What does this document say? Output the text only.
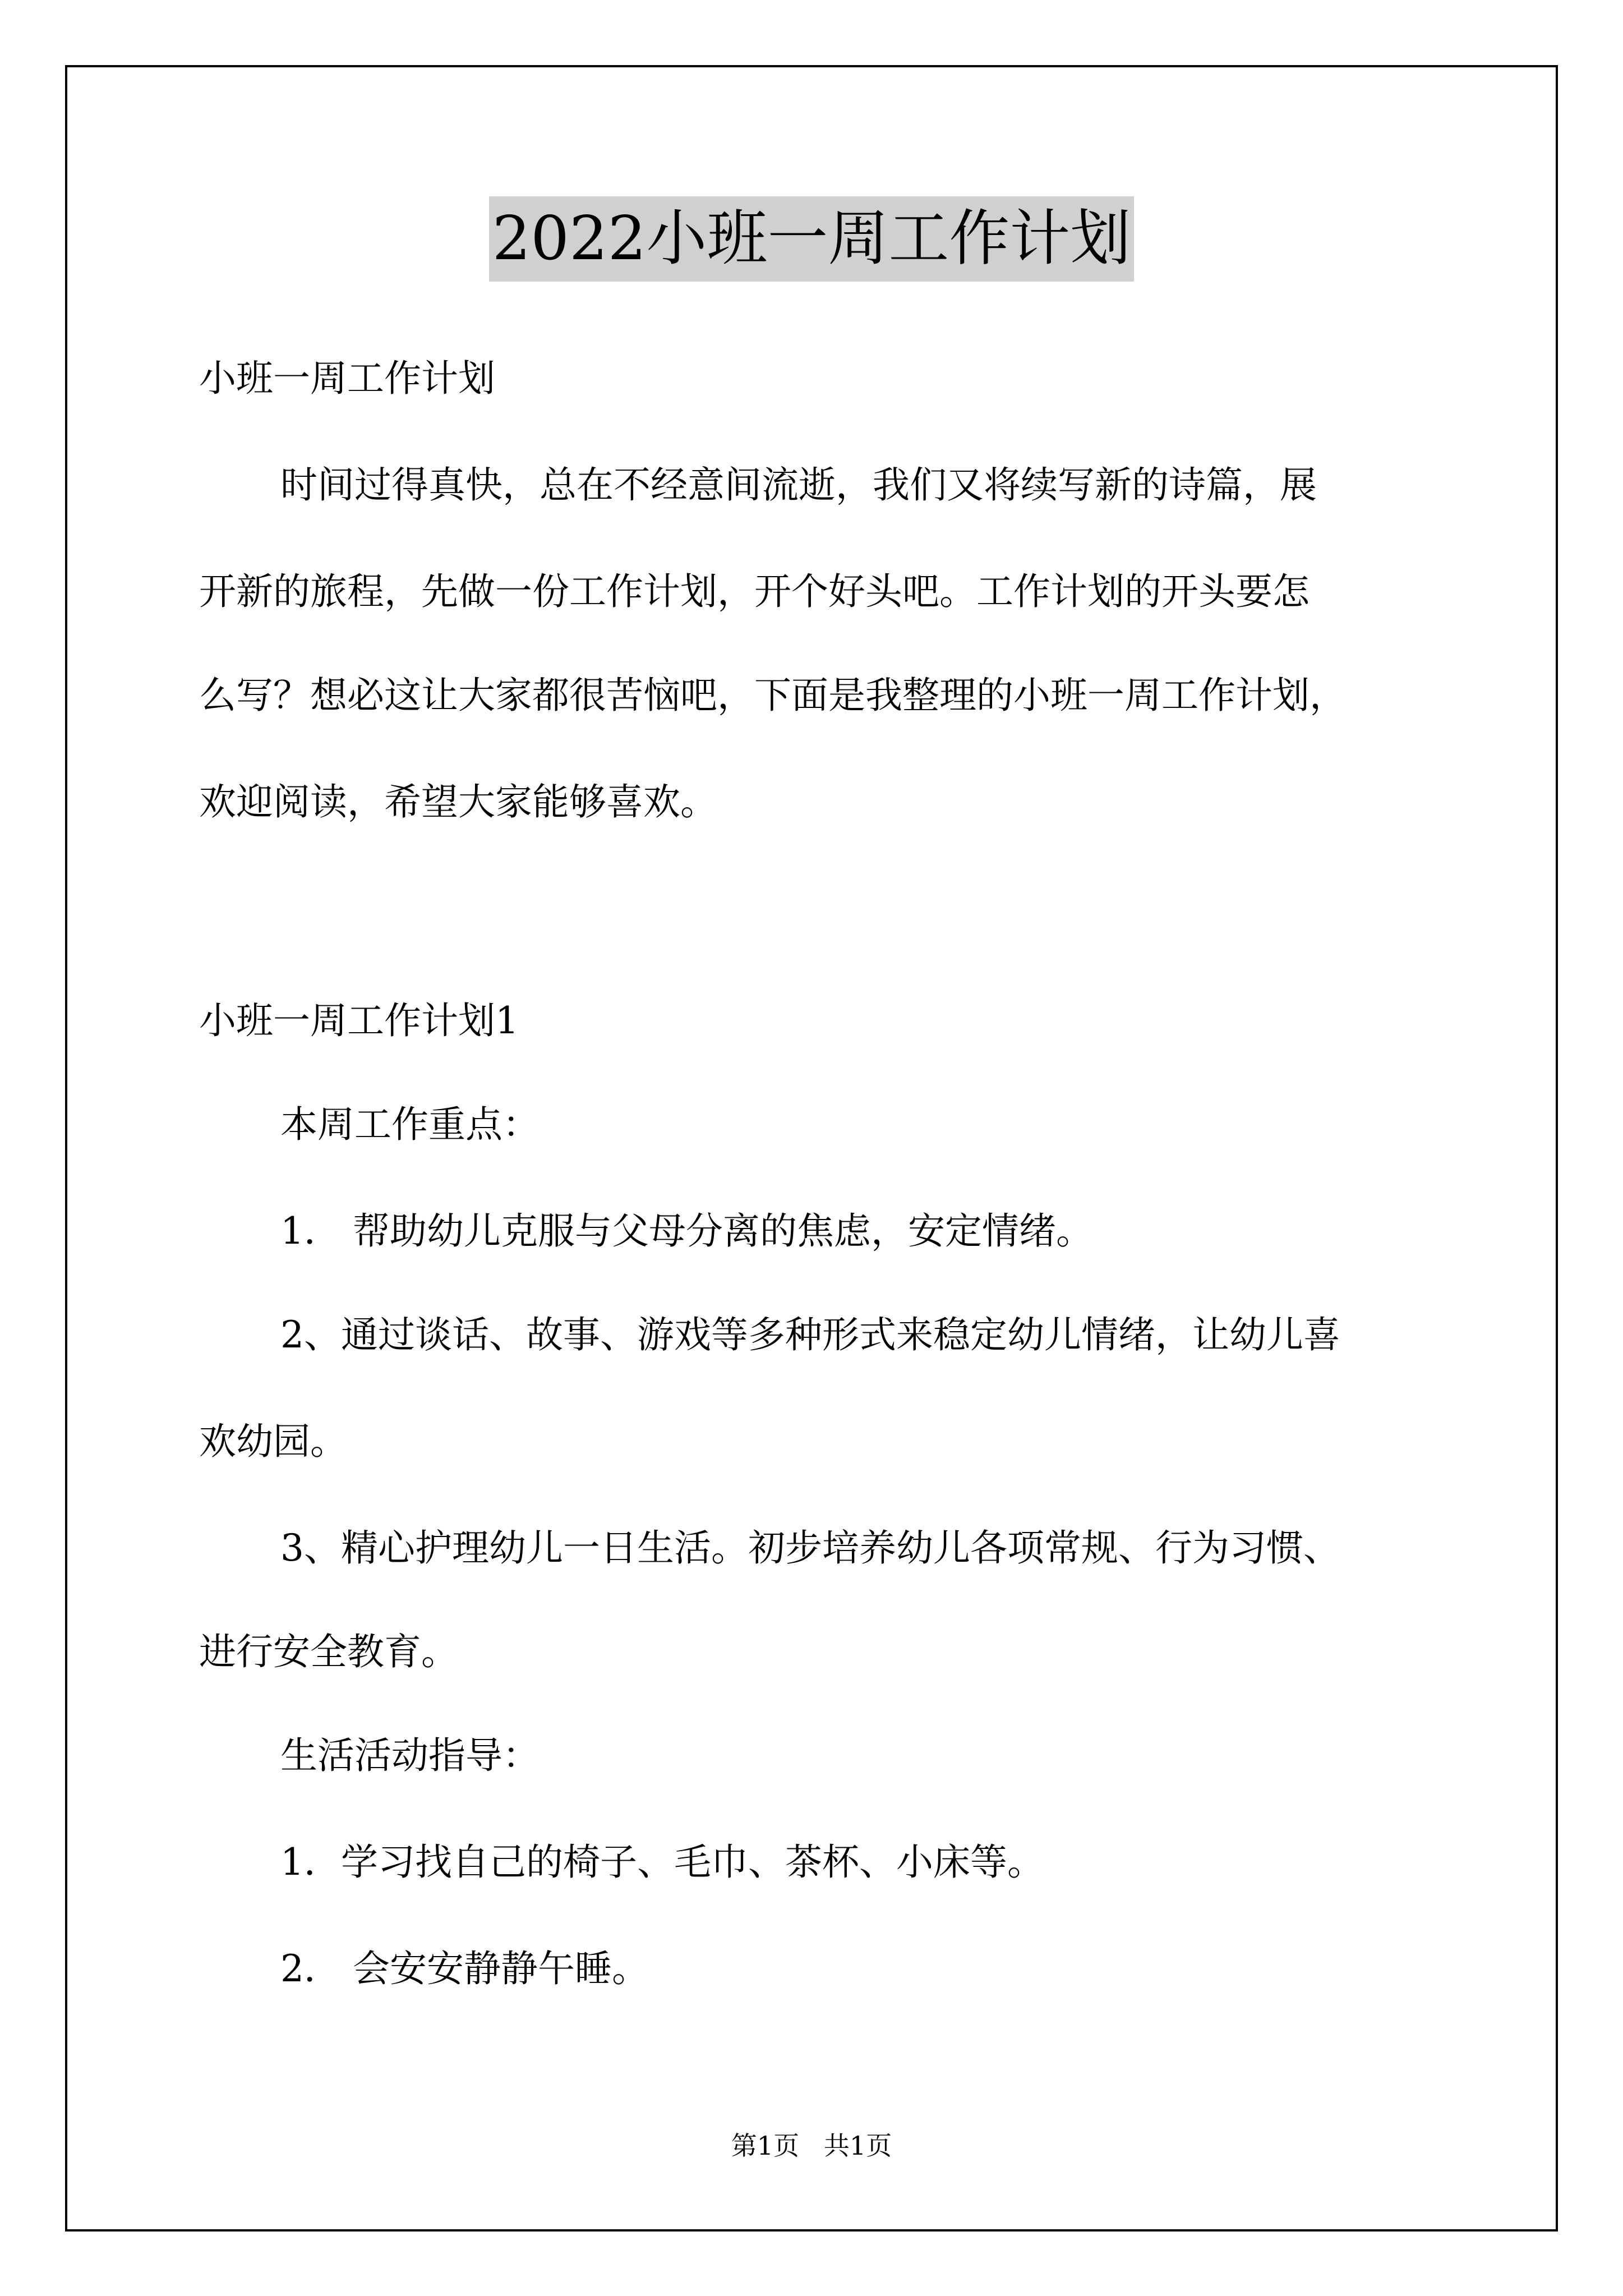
2022小班一周工作计划

小班一周工作计划

时间过得真快，总在不经意间流逝，我们又将续写新的诗篇，展

开新的旅程，先做一份工作计划，开个好头吧。工作计划的开头要怎

么写？想必这让大家都很苦恼吧，下面是我整理的小班一周工作计划，

欢迎阅读，希望大家能够喜欢。

小班一周工作计划1

本周工作重点：

1． 帮助幼儿克服与父母分离的焦虑，安定情绪。

2、通过谈话、故事、游戏等多种形式来稳定幼儿情绪，让幼儿喜

欢幼园。

3、精心护理幼儿一日生活。初步培养幼儿各项常规、行为习惯、

进行安全教育。

生活活动指导：

1．学习找自己的椅子、毛巾、茶杯、小床等。

2． 会安安静静午睡。

第1页   共1页
